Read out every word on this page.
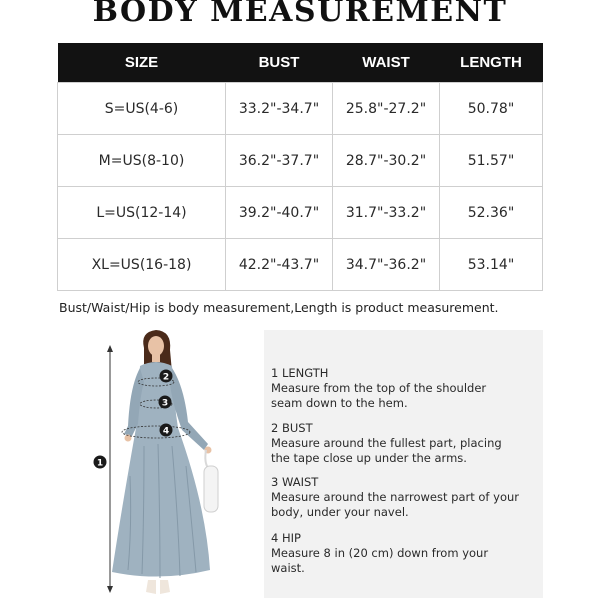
BODY MEASUREMENT
SIZE	BUST	WAIST	LENGTH
S=US(4-6)	33.2"-34.7"	25.8"-27.2"	50.78"
M=US(8-10)	36.2"-37.7"	28.7"-30.2"	51.57"
L=US(12-14)	39.2"-40.7"	31.7"-33.2"	52.36"
XL=US(16-18)	42.2"-43.7"	34.7"-36.2"	53.14"
Bust/Waist/Hip is body measurement,Length is product measurement.
1
2
3
4
1 LENGTH
Measure from the top of the shoulder seam down to the hem.
2 BUST
Measure around the fullest part, placing the tape close up under the arms.
3 WAIST
Measure around the narrowest part of your body, under your navel.
4 HIP
Measure 8 in (20 cm) down from your waist.
